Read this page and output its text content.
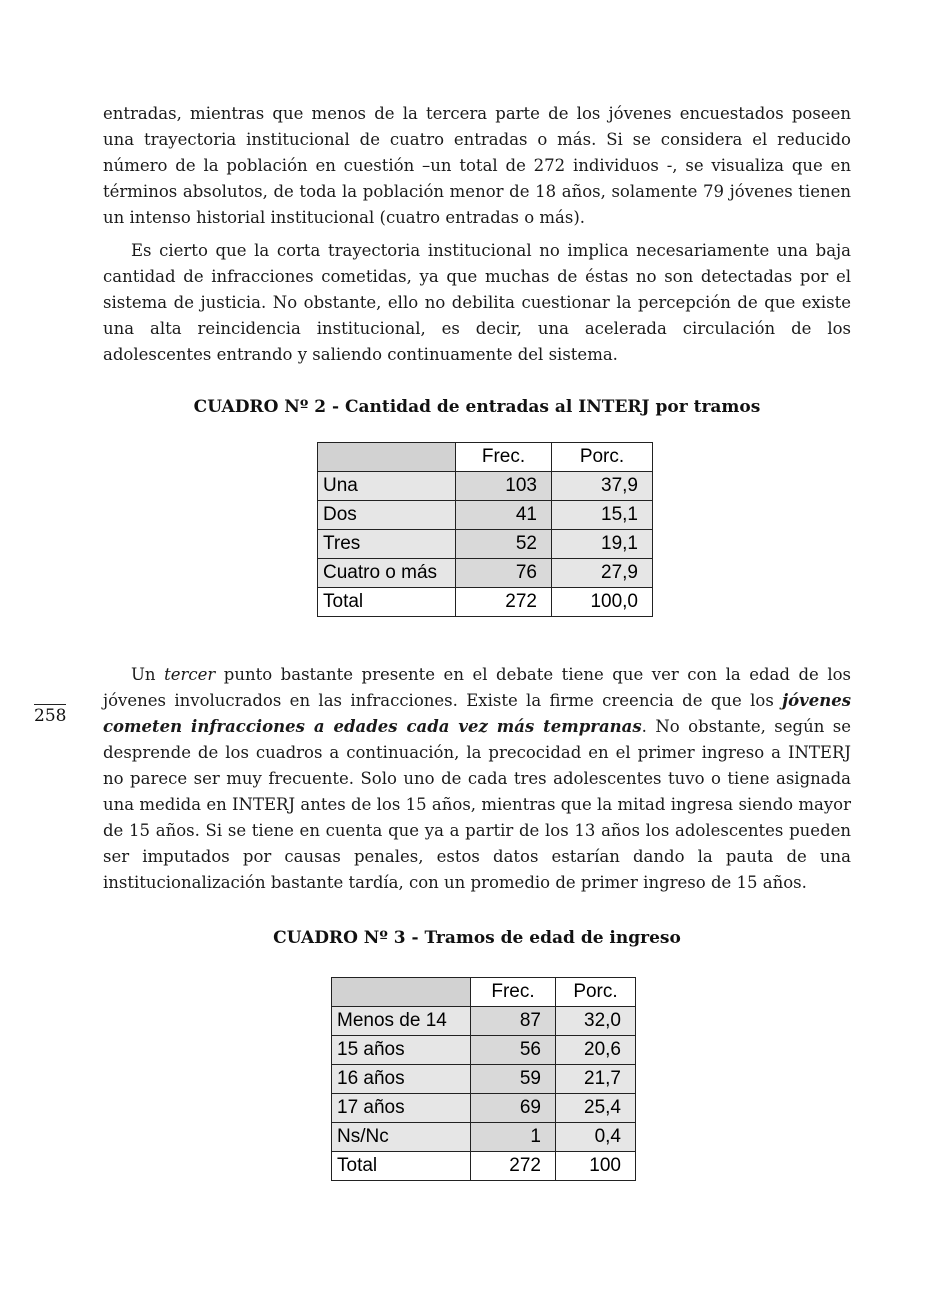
entradas, mientras que menos de la tercera parte de los jóvenes encuestados poseen una trayectoria institucional de cuatro entradas o más. Si se considera el reducido número de la población en cuestión –un total de 272 individuos -, se visualiza que en términos absolutos, de toda la población menor de 18 años, solamente 79 jóvenes tienen un intenso historial institucional (cuatro entradas o más).

Es cierto que la corta trayectoria institucional no implica necesariamente una baja cantidad de infracciones cometidas, ya que muchas de éstas no son detectadas por el sistema de justicia. No obstante, ello no debilita cuestionar la percepción de que existe una alta reincidencia institucional, es decir, una acelerada circulación de los adolescentes entrando y saliendo continuamente del sistema.

CUADRO Nº 2 - Cantidad de entradas al INTERJ por tramos

	Frec.	Porc.
Una	103	37,9
Dos	41	15,1
Tres	52	19,1
Cuatro o más	76	27,9
Total	272	100,0

258

Un tercer punto bastante presente en el debate tiene que ver con la edad de los jóvenes involucrados en las infracciones. Existe la firme creencia de que los jóvenes cometen infracciones a edades cada vez más tempranas. No obstante, según se desprende de los cuadros a continuación, la precocidad en el primer ingreso a INTERJ no parece ser muy frecuente. Solo uno de cada tres adolescentes tuvo o tiene asignada una medida en INTERJ antes de los 15 años, mientras que la mitad ingresa siendo mayor de 15 años. Si se tiene en cuenta que ya a partir de los 13 años los adolescentes pueden ser imputados por causas penales, estos datos estarían dando la pauta de una institucionalización bastante tardía, con un promedio de primer ingreso de 15 años.

CUADRO Nº 3 - Tramos de edad de ingreso

	Frec.	Porc.
Menos de 14	87	32,0
15 años	56	20,6
16 años	59	21,7
17 años	69	25,4
Ns/Nc	1	0,4
Total	272	100
